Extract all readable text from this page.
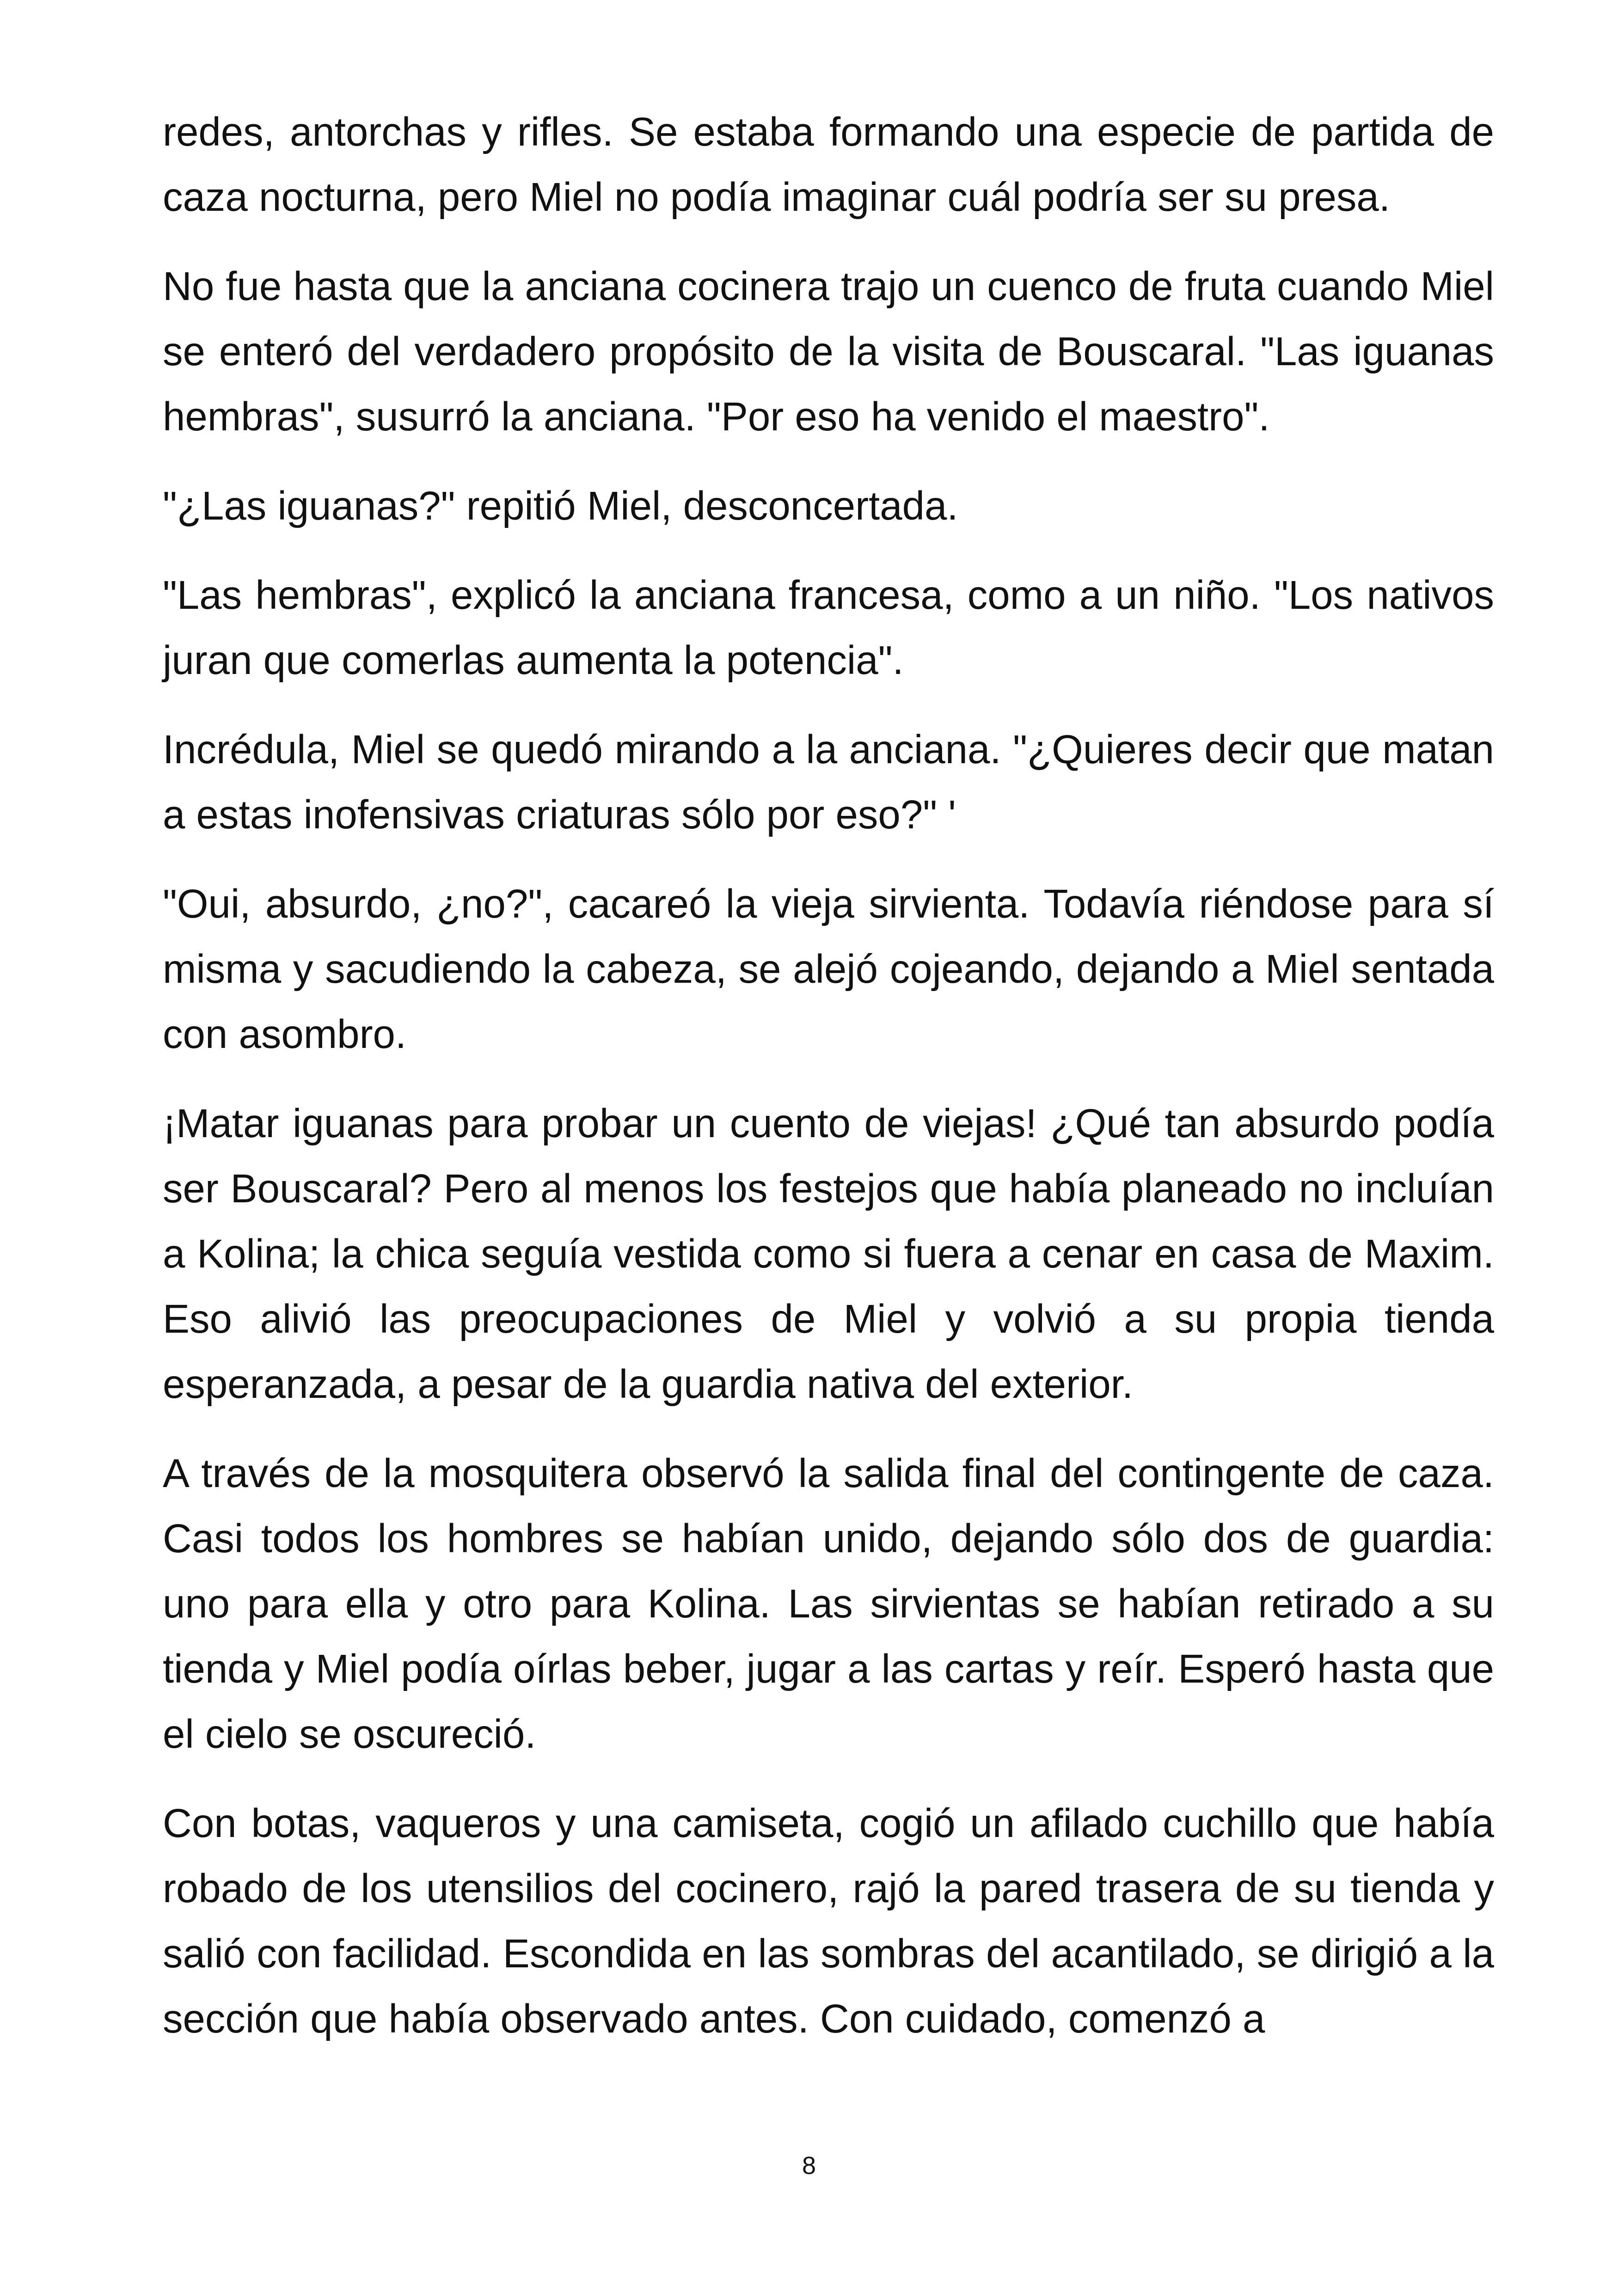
redes, antorchas y rifles. Se estaba formando una especie de partida de caza nocturna, pero Miel no podía imaginar cuál podría ser su presa.

No fue hasta que la anciana cocinera trajo un cuenco de fruta cuando Miel se enteró del verdadero propósito de la visita de Bouscaral. "Las iguanas hembras", susurró la anciana. "Por eso ha venido el maestro".

"¿Las iguanas?" repitió Miel, desconcertada.

"Las hembras", explicó la anciana francesa, como a un niño. "Los nativos juran que comerlas aumenta la potencia".

Incrédula, Miel se quedó mirando a la anciana. "¿Quieres decir que matan a estas inofensivas criaturas sólo por eso?" '

"Oui, absurdo, ¿no?", cacareó la vieja sirvienta. Todavía riéndose para sí misma y sacudiendo la cabeza, se alejó cojeando, dejando a Miel sentada con asombro.

¡Matar iguanas para probar un cuento de viejas! ¿Qué tan absurdo podía ser Bouscaral? Pero al menos los festejos que había planeado no incluían a Kolina; la chica seguía vestida como si fuera a cenar en casa de Maxim. Eso alivió las preocupaciones de Miel y volvió a su propia tienda esperanzada, a pesar de la guardia nativa del exterior.

A través de la mosquitera observó la salida final del contingente de caza. Casi todos los hombres se habían unido, dejando sólo dos de guardia: uno para ella y otro para Kolina. Las sirvientas se habían retirado a su tienda y Miel podía oírlas beber, jugar a las cartas y reír. Esperó hasta que el cielo se oscureció.

Con botas, vaqueros y una camiseta, cogió un afilado cuchillo que había robado de los utensilios del cocinero, rajó la pared trasera de su tienda y salió con facilidad. Escondida en las sombras del acantilado, se dirigió a la sección que había observado antes. Con cuidado, comenzó a

8
